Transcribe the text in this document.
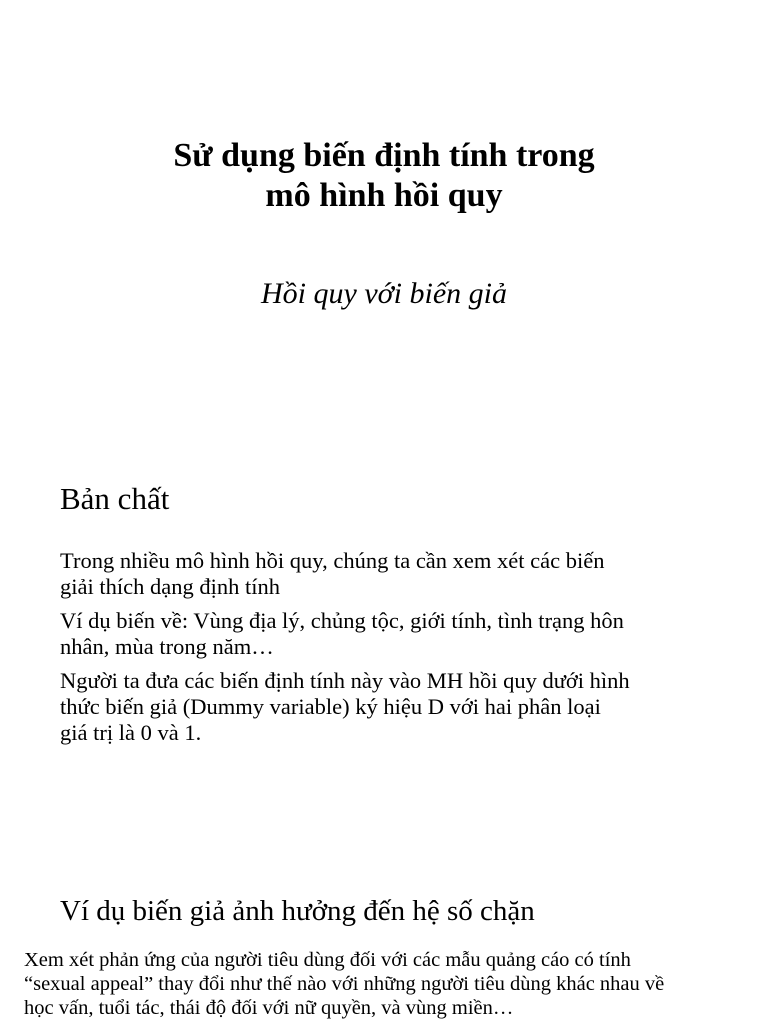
Sử dụng biến định tính trong
mô hình hồi quy
Hồi quy với biến giả
Bản chất
Trong nhiều mô hình hồi quy, chúng ta cần xem xét các biến
giải thích dạng định tính
Ví dụ biến về: Vùng địa lý, chủng tộc, giới tính, tình trạng hôn
nhân, mùa trong năm…
Người ta đưa các biến định tính này vào MH hồi quy dưới hình
thức biến giả (Dummy variable) ký hiệu D với hai phân loại
giá trị là 0 và 1.
Ví dụ biến giả ảnh hưởng đến hệ số chặn
Xem xét phản ứng của người tiêu dùng đối với các mẫu quảng cáo có tính
“sexual appeal” thay đổi như thế nào với những người tiêu dùng khác nhau về
học vấn, tuổi tác, thái độ đối với nữ quyền, và vùng miền…
